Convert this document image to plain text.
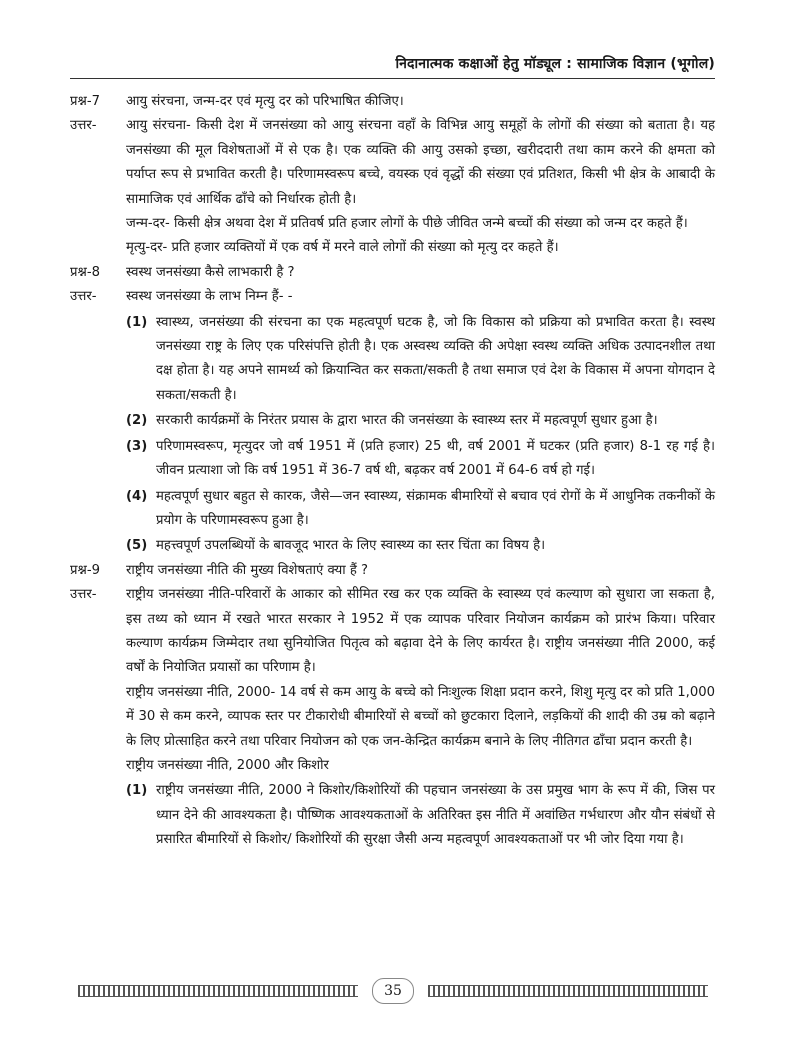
निदानात्मक कक्षाओं हेतु मॉड्यूल : सामाजिक विज्ञान (भूगोल)
प्रश्न-7	आयु संरचना, जन्म-दर एवं मृत्यु दर को परिभाषित कीजिए।
उत्तर-	आयु संरचना- किसी देश में जनसंख्या को आयु संरचना वहाँ के विभिन्न आयु समूहों के लोगों की संख्या को बताता है। यह जनसंख्या की मूल विशेषताओं में से एक है। एक व्यक्ति की आयु उसको इच्छा, खरीददारी तथा काम करने की क्षमता को पर्याप्त रूप से प्रभावित करती है। परिणामस्वरूप बच्चे, वयस्क एवं वृद्धों की संख्या एवं प्रतिशत, किसी भी क्षेत्र के आबादी के सामाजिक एवं आर्थिक ढाँचे को निर्धारक होती है।
जन्म-दर- किसी क्षेत्र अथवा देश में प्रतिवर्ष प्रति हजार लोगों के पीछे जीवित जन्मे बच्चों की संख्या को जन्म दर कहते हैं।
मृत्यु-दर- प्रति हजार व्यक्तियों में एक वर्ष में मरने वाले लोगों की संख्या को मृत्यु दर कहते हैं।
प्रश्न-8	स्वस्थ जनसंख्या कैसे लाभकारी है ?
उत्तर-	स्वस्थ जनसंख्या के लाभ निम्न हैं- -
(1) स्वास्थ्य, जनसंख्या की संरचना का एक महत्वपूर्ण घटक है, जो कि विकास को प्रक्रिया को प्रभावित करता है। स्वस्थ जनसंख्या राष्ट्र के लिए एक परिसंपत्ति होती है। एक अस्वस्थ व्यक्ति की अपेक्षा स्वस्थ व्यक्ति अधिक उत्पादनशील तथा दक्ष होता है। यह अपने सामर्थ्य को क्रियान्वित कर सकता/सकती है तथा समाज एवं देश के विकास में अपना योगदान दे सकता/सकती है।
(2) सरकारी कार्यक्रमों के निरंतर प्रयास के द्वारा भारत की जनसंख्या के स्वास्थ्य स्तर में महत्वपूर्ण सुधार हुआ है।
(3) परिणामस्वरूप, मृत्युदर जो वर्ष 1951 में (प्रति हजार) 25 थी, वर्ष 2001 में घटकर (प्रति हजार) 8-1 रह गई है। जीवन प्रत्याशा जो कि वर्ष 1951 में 36-7 वर्ष थी, बढ़कर वर्ष 2001 में 64-6 वर्ष हो गई।
(4) महत्वपूर्ण सुधार बहुत से कारक, जैसे—जन स्वास्थ्य, संक्रामक बीमारियों से बचाव एवं रोगों के में आधुनिक तकनीकों के प्रयोग के परिणामस्वरूप हुआ है।
(5) महत्त्वपूर्ण उपलब्धियों के बावजूद भारत के लिए स्वास्थ्य का स्तर चिंता का विषय है।
प्रश्न-9	राष्ट्रीय जनसंख्या नीति की मुख्य विशेषताएं क्या हैं ?
उत्तर-	राष्ट्रीय जनसंख्या नीति-परिवारों के आकार को सीमित रख कर एक व्यक्ति के स्वास्थ्य एवं कल्याण को सुधारा जा सकता है, इस तथ्य को ध्यान में रखते भारत सरकार ने 1952 में एक व्यापक परिवार नियोजन कार्यक्रम को प्रारंभ किया। परिवार कल्याण कार्यक्रम जिम्मेदार तथा सुनियोजित पितृत्व को बढ़ावा देने के लिए कार्यरत है। राष्ट्रीय जनसंख्या नीति 2000, कई वर्षों के नियोजित प्रयासों का परिणाम है।
राष्ट्रीय जनसंख्या नीति, 2000- 14 वर्ष से कम आयु के बच्चे को निःशुल्क शिक्षा प्रदान करने, शिशु मृत्यु दर को प्रति 1,000 में 30 से कम करने, व्यापक स्तर पर टीकारोधी बीमारियों से बच्चों को छुटकारा दिलाने, लड़कियों की शादी की उम्र को बढ़ाने के लिए प्रोत्साहित करने तथा परिवार नियोजन को एक जन-केन्द्रित कार्यक्रम बनाने के लिए नीतिगत ढाँचा प्रदान करती है।
राष्ट्रीय जनसंख्या नीति, 2000 और किशोर
(1) राष्ट्रीय जनसंख्या नीति, 2000 ने किशोर/किशोरियों की पहचान जनसंख्या के उस प्रमुख भाग के रूप में की, जिस पर ध्यान देने की आवश्यकता है। पौष्णिक आवश्यकताओं के अतिरिक्त इस नीति में अवांछित गर्भधारण और यौन संबंधों से प्रसारित बीमारियों से किशोर/ किशोरियों की सुरक्षा जैसी अन्य महत्वपूर्ण आवश्यकताओं पर भी जोर दिया गया है।
35
